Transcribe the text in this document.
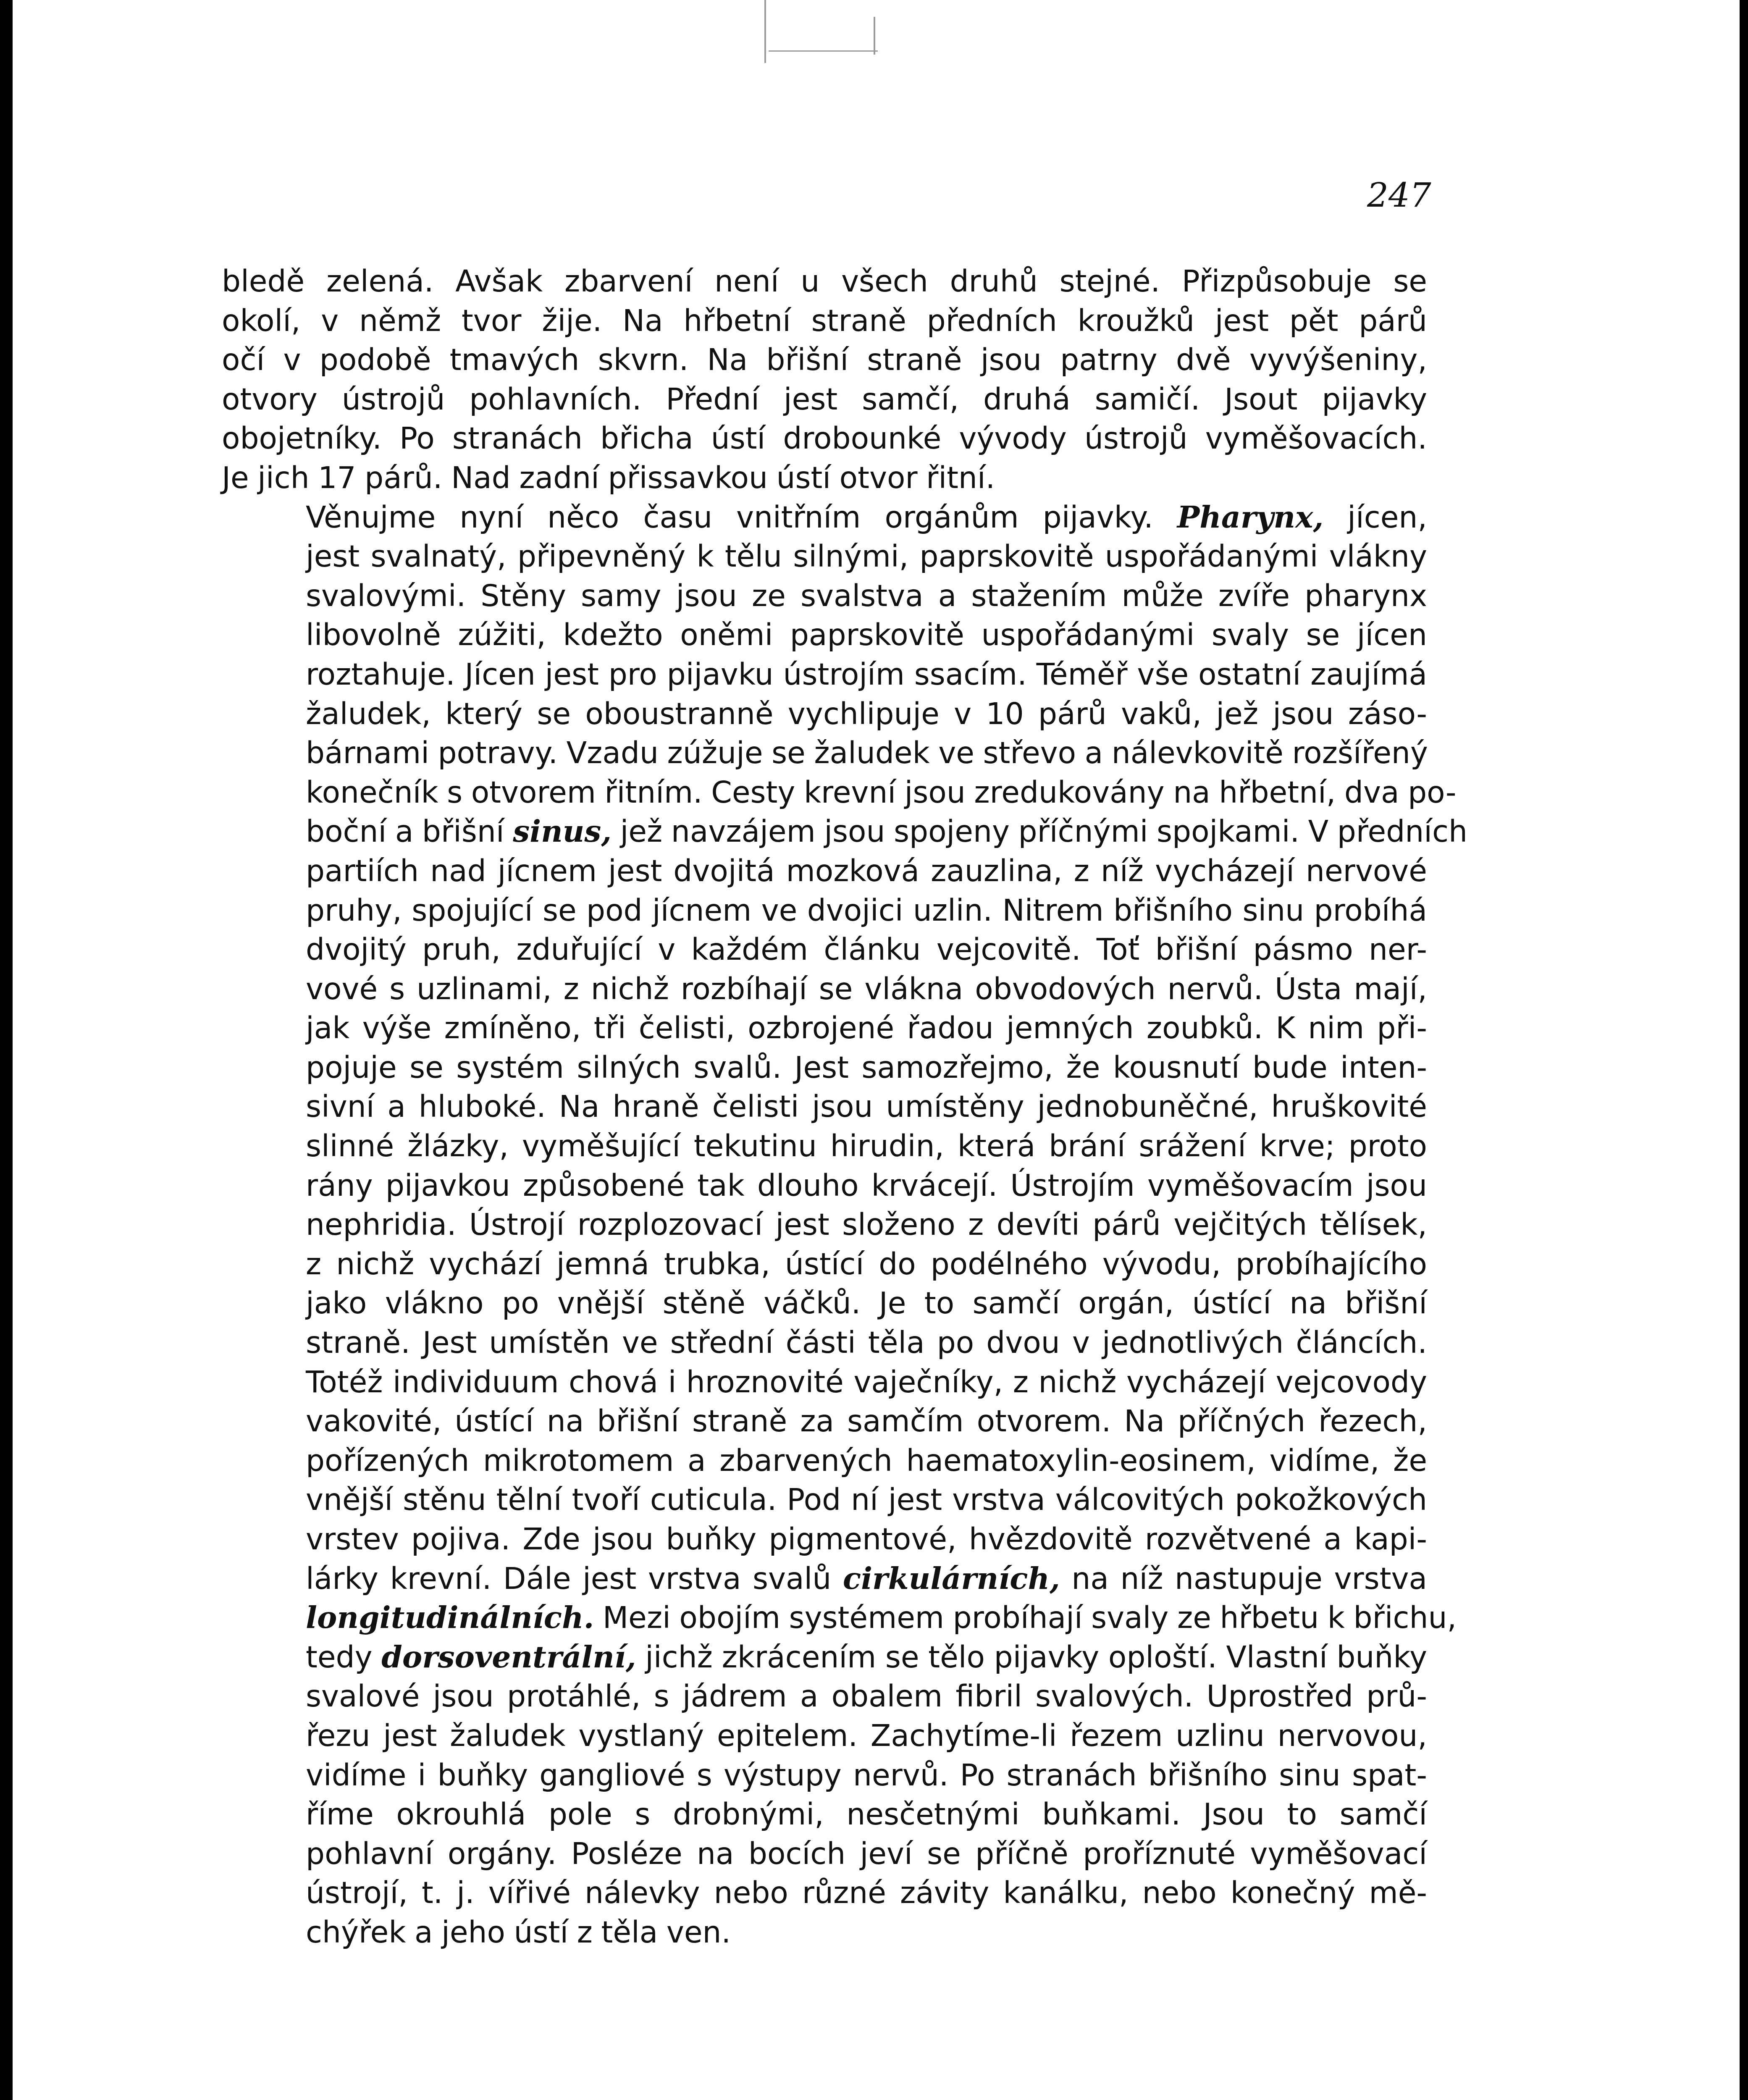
247

bledě zelená. Avšak zbarvení není u všech druhů stejné. Přizpůsobuje se
okolí, v němž tvor žije. Na hřbetní straně předních kroužků jest pět párů
očí v podobě tmavých skvrn. Na břišní straně jsou patrny dvě vyvýšeniny,
otvory ústrojů pohlavních. Přední jest samčí, druhá samičí. Jsout pijavky
obojetníky. Po stranách břicha ústí drobounké vývody ústrojů vyměšovacích.
Je jich 17 párů. Nad zadní přissavkou ústí otvor řitní.

Věnujme nyní něco času vnitřním orgánům pijavky. Pharynx, jícen,
jest svalnatý, připevněný k tělu silnými, paprskovitě uspořádanými vlákny
svalovými. Stěny samy jsou ze svalstva a stažením může zvíře pharynx
libovolně zúžiti, kdežto oněmi paprskovitě uspořádanými svaly se jícen
roztahuje. Jícen jest pro pijavku ústrojím ssacím. Téměř vše ostatní zaujímá
žaludek, který se oboustranně vychlipuje v 10 párů vaků, jež jsou záso-
bárnami potravy. Vzadu zúžuje se žaludek ve střevo a nálevkovitě rozšířený
konečník s otvorem řitním. Cesty krevní jsou zredukovány na hřbetní, dva po-
boční a břišní sinus, jež navzájem jsou spojeny příčnými spojkami. V předních
partiích nad jícnem jest dvojitá mozková zauzlina, z níž vycházejí nervové
pruhy, spojující se pod jícnem ve dvojici uzlin. Nitrem břišního sinu probíhá
dvojitý pruh, zduřující v každém článku vejcovitě. Toť břišní pásmo ner-
vové s uzlinami, z nichž rozbíhají se vlákna obvodových nervů. Ústa mají,
jak výše zmíněno, tři čelisti, ozbrojené řadou jemných zoubků. K nim při-
pojuje se systém silných svalů. Jest samozřejmo, že kousnutí bude inten-
sivní a hluboké. Na hraně čelisti jsou umístěny jednobuněčné, hruškovité
slinné žlázky, vyměšující tekutinu hirudin, která brání srážení krve; proto
rány pijavkou způsobené tak dlouho krvácejí. Ústrojím vyměšovacím jsou
nephridia. Ústrojí rozplozovací jest složeno z devíti párů vejčitých tělísek,
z nichž vychází jemná trubka, ústící do podélného vývodu, probíhajícího
jako vlákno po vnější stěně váčků. Je to samčí orgán, ústící na břišní
straně. Jest umístěn ve střední části těla po dvou v jednotlivých článcích.
Totéž individuum chová i hroznovité vaječníky, z nichž vycházejí vejcovody
vakovité, ústící na břišní straně za samčím otvorem. Na příčných řezech,
pořízených mikrotomem a zbarvených haematoxylin-eosinem, vidíme, že
vnější stěnu tělní tvoří cuticula. Pod ní jest vrstva válcovitých pokožkových
vrstev pojiva. Zde jsou buňky pigmentové, hvězdovitě rozvětvené a kapi-
lárky krevní. Dále jest vrstva svalů cirkulárních, na níž nastupuje vrstva
longitudinálních. Mezi obojím systémem probíhají svaly ze hřbetu k břichu,
tedy dorsoventrální, jichž zkrácením se tělo pijavky oploští. Vlastní buňky
svalové jsou protáhlé, s jádrem a obalem fibril svalových. Uprostřed prů-
řezu jest žaludek vystlaný epitelem. Zachytíme-li řezem uzlinu nervovou,
vidíme i buňky gangliové s výstupy nervů. Po stranách břišního sinu spat-
říme okrouhlá pole s drobnými, nesčetnými buňkami. Jsou to samčí
pohlavní orgány. Posléze na bocích jeví se příčně proříznuté vyměšovací
ústrojí, t. j. vířivé nálevky nebo různé závity kanálku, nebo konečný mě-
chýřek a jeho ústí z těla ven.
